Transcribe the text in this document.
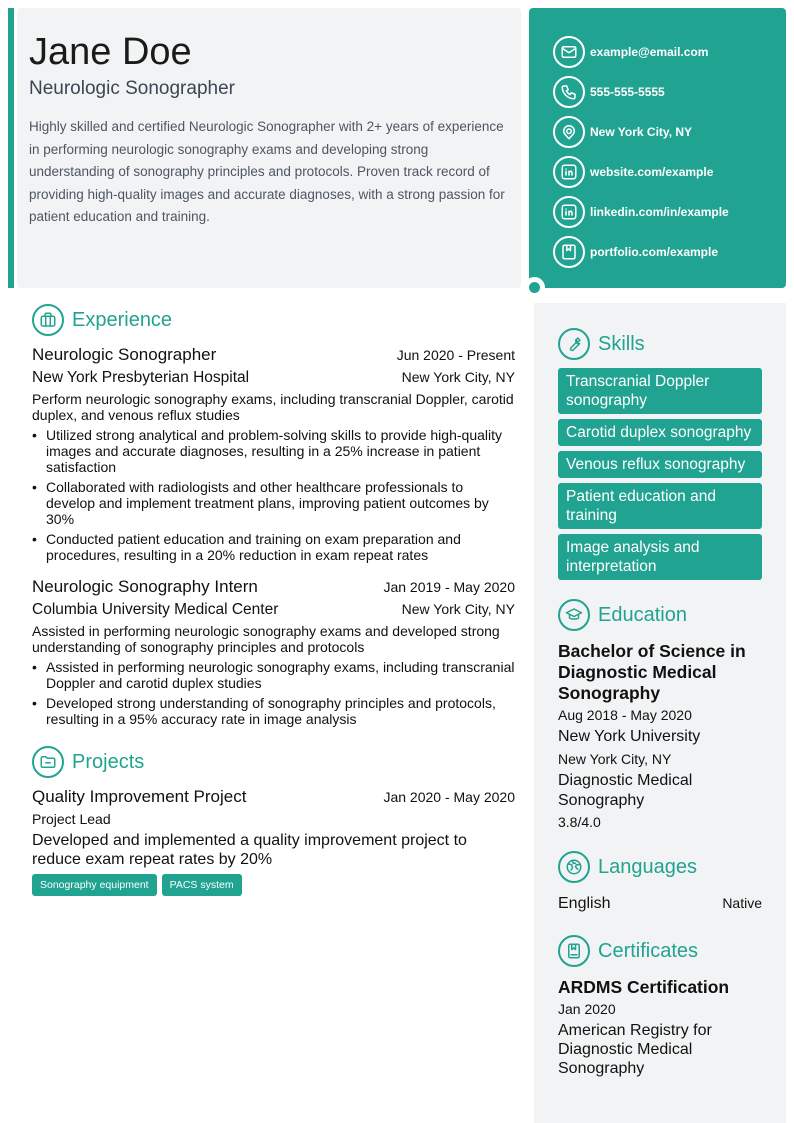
Jane Doe
Neurologic Sonographer
Highly skilled and certified Neurologic Sonographer with 2+ years of experience in performing neurologic sonography exams and developing strong understanding of sonography principles and protocols. Proven track record of providing high-quality images and accurate diagnoses, with a strong passion for patient education and training.
example@email.com
555-555-5555
New York City, NY
website.com/example
linkedin.com/in/example
portfolio.com/example
Experience
Neurologic Sonographer	Jun 2020 - Present
New York Presbyterian Hospital	New York City, NY
Perform neurologic sonography exams, including transcranial Doppler, carotid duplex, and venous reflux studies
• Utilized strong analytical and problem-solving skills to provide high-quality images and accurate diagnoses, resulting in a 25% increase in patient satisfaction
• Collaborated with radiologists and other healthcare professionals to develop and implement treatment plans, improving patient outcomes by 30%
• Conducted patient education and training on exam preparation and procedures, resulting in a 20% reduction in exam repeat rates
Neurologic Sonography Intern	Jan 2019 - May 2020
Columbia University Medical Center	New York City, NY
Assisted in performing neurologic sonography exams and developed strong understanding of sonography principles and protocols
• Assisted in performing neurologic sonography exams, including transcranial Doppler and carotid duplex studies
• Developed strong understanding of sonography principles and protocols, resulting in a 95% accuracy rate in image analysis
Projects
Quality Improvement Project	Jan 2020 - May 2020
Project Lead
Developed and implemented a quality improvement project to reduce exam repeat rates by 20%
Sonography equipment PACS system
Skills
Transcranial Doppler sonography
Carotid duplex sonography
Venous reflux sonography
Patient education and training
Image analysis and interpretation
Education
Bachelor of Science in Diagnostic Medical Sonography
Aug 2018 - May 2020
New York University
New York City, NY
Diagnostic Medical Sonography
3.8/4.0
Languages
English	Native
Certificates
ARDMS Certification
Jan 2020
American Registry for Diagnostic Medical Sonography
